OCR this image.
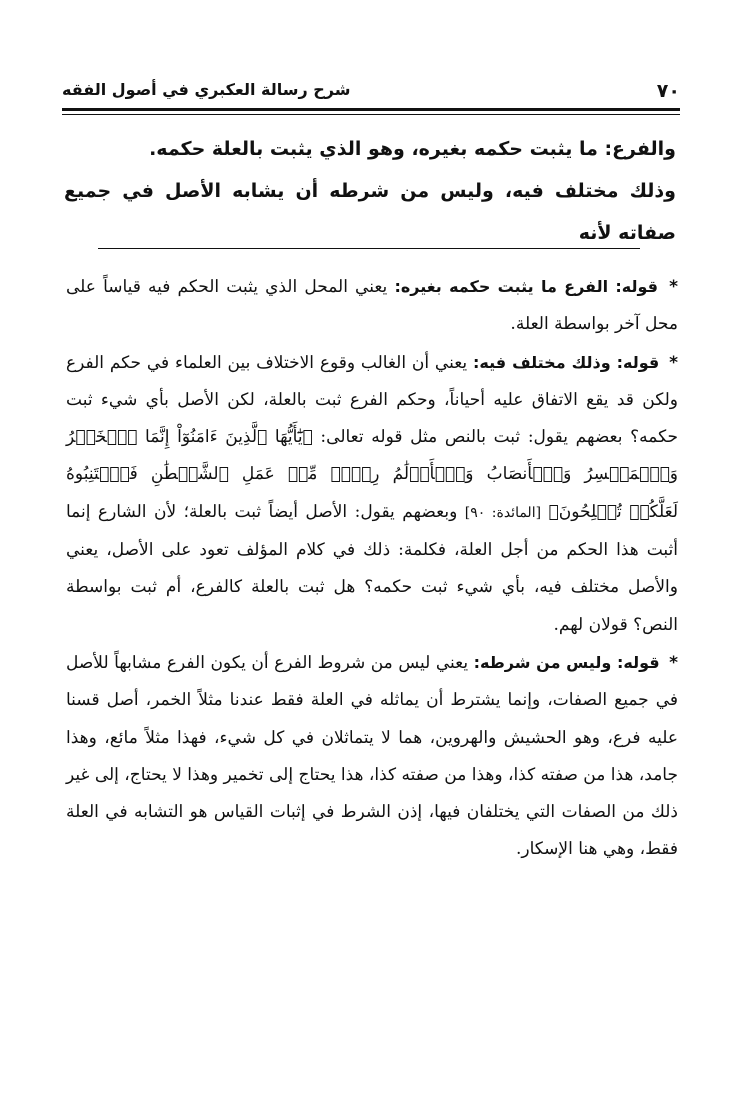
٧٠
شرح رسالة العكبري في أصول الفقه

والفرع: ما يثبت حكمه بغيره، وهو الذي يثبت بالعلة حكمه.

وذلك مختلف فيه، وليس من شرطه أن يشابه الأصل في جميع صفاته لأنه

* قوله: الفرع ما يثبت حكمه بغيره: يعني المحل الذي يثبت الحكم فيه قياساً على محل آخر بواسطة العلة.

* قوله: وذلك مختلف فيه: يعني أن الغالب وقوع الاختلاف بين العلماء في حكم الفرع ولكن قد يقع الاتفاق عليه أحياناً، وحكم الفرع ثبت بالعلة، لكن الأصل بأي شيء ثبت حكمه؟ بعضهم يقول: ثبت بالنص مثل قوله تعالى: ﴿يَٰٓأَيُّهَا ٱلَّذِينَ ءَامَنُوٓاْ إِنَّمَا ٱلۡخَمۡرُ وَٱلۡمَيۡسِرُ وَٱلۡأَنصَابُ وَٱلۡأَزۡلَٰمُ رِجۡسٞ مِّنۡ عَمَلِ ٱلشَّيۡطَٰنِ فَٱجۡتَنِبُوهُ لَعَلَّكُمۡ تُفۡلِحُونَ﴾ [المائدة: ٩٠] وبعضهم يقول: الأصل أيضاً ثبت بالعلة؛ لأن الشارع إنما أثبت هذا الحكم من أجل العلة، فكلمة: ذلك في كلام المؤلف تعود على الأصل، يعني والأصل مختلف فيه، بأي شيء ثبت حكمه؟ هل ثبت بالعلة كالفرع، أم ثبت بواسطة النص؟ قولان لهم.

* قوله: وليس من شرطه: يعني ليس من شروط الفرع أن يكون الفرع مشابهاً للأصل في جميع الصفات، وإنما يشترط أن يماثله في العلة فقط عندنا مثلاً الخمر، أصل قسنا عليه فرع، وهو الحشيش والهروين، هما لا يتماثلان في كل شيء، فهذا مثلاً مائع، وهذا جامد، هذا من صفته كذا، وهذا من صفته كذا، هذا يحتاج إلى تخمير وهذا لا يحتاج، إلى غير ذلك من الصفات التي يختلفان فيها، إذن الشرط في إثبات القياس هو التشابه في العلة فقط، وهي هنا الإسكار.
